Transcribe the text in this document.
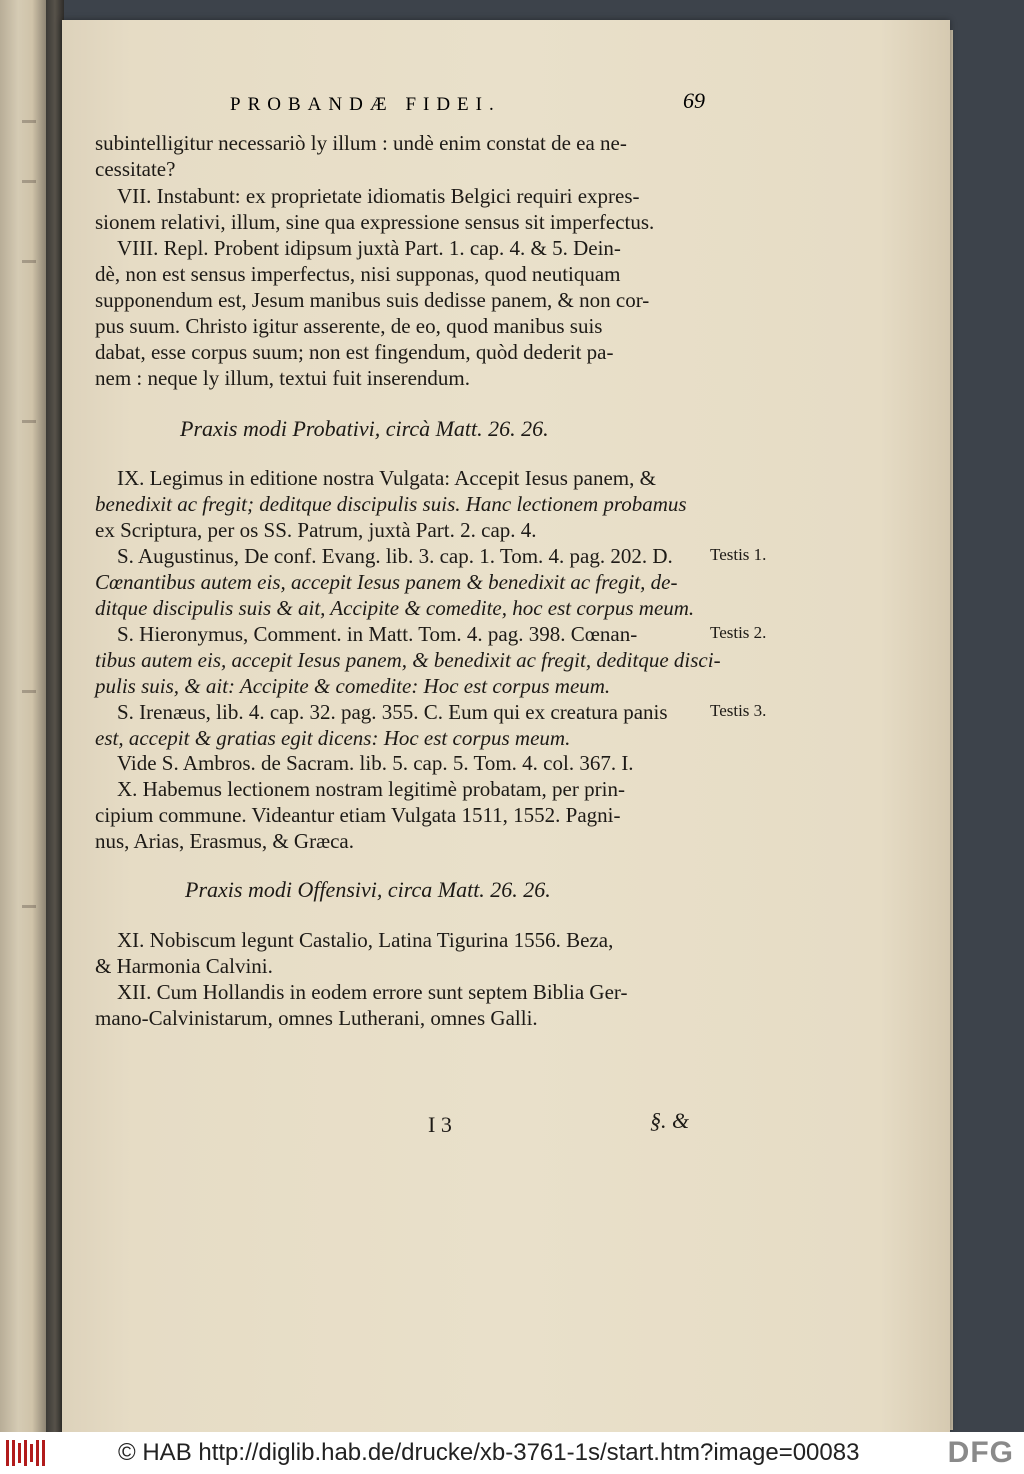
PROBANDÆ FIDEI.	69
subintelligitur necessariò ly illum : undè enim constat de ea ne-
cessitate?
VII. Instabunt: ex proprietate idiomatis Belgici requiri expres-
sionem relativi, illum, sine qua expressione sensus sit imperfectus.
VIII. Repl. Probent idipsum juxtà Part. 1. cap. 4. & 5. Dein-
dè, non est sensus imperfectus, nisi supponas, quod neutiquam
supponendum est, Jesum manibus suis dedisse panem, & non cor-
pus suum. Christo igitur asserente, de eo, quod manibus suis
dabat, esse corpus suum; non est fingendum, quòd dederit pa-
nem : neque ly illum, textui fuit inserendum.
Praxis modi Probativi, circà Matt. 26. 26.
IX. Legimus in editione nostra Vulgata: Accepit Iesus panem, &
benedixit ac fregit; deditque discipulis suis. Hanc lectionem probamus
ex Scriptura, per os SS. Patrum, juxtà Part. 2. cap. 4.
S. Augustinus, De conf. Evang. lib. 3. cap. 1. Tom. 4. pag. 202. D.
Cœnantibus autem eis, accepit Iesus panem & benedixit ac fregit, de-
ditque discipulis suis & ait, Accipite & comedite, hoc est corpus meum.
S. Hieronymus, Comment. in Matt. Tom. 4. pag. 398. Cœnan-
tibus autem eis, accepit Iesus panem, & benedixit ac fregit, deditque disci-
pulis suis, & ait: Accipite & comedite: Hoc est corpus meum.
S. Irenæus, lib. 4. cap. 32. pag. 355. C. Eum qui ex creatura panis
est, accepit & gratias egit dicens: Hoc est corpus meum.
Vide S. Ambros. de Sacram. lib. 5. cap. 5. Tom. 4. col. 367. I.
X. Habemus lectionem nostram legitimè probatam, per prin-
cipium commune. Videantur etiam Vulgata 1511, 1552. Pagni-
nus, Arias, Erasmus, & Græca.
Testis 1.
Testis 2.
Testis 3.
Praxis modi Offensivi, circa Matt. 26. 26.
XI. Nobiscum legunt Castalio, Latina Tigurina 1556. Beza,
& Harmonia Calvini.
XII. Cum Hollandis in eodem errore sunt septem Biblia Ger-
mano-Calvinistarum, omnes Lutherani, omnes Galli.
I 3	§. &
© HAB http://diglib.hab.de/drucke/xb-3761-1s/start.htm?image=00083	DFG
